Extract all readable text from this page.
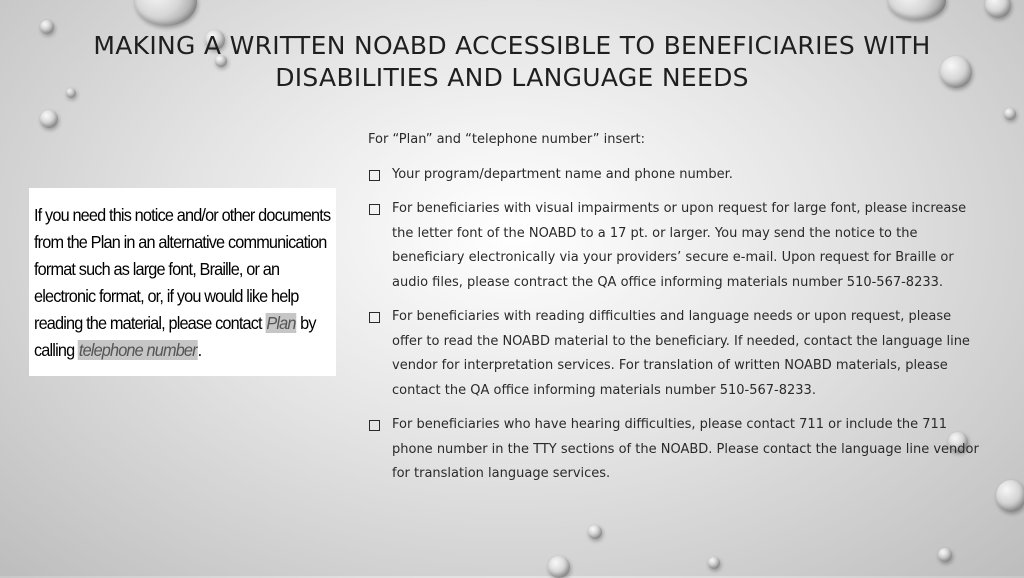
MAKING A WRITTEN NOABD ACCESSIBLE TO BENEFICIARIES WITH DISABILITIES AND LANGUAGE NEEDS

If you need this notice and/or other documents from the Plan in an alternative communication format such as large font, Braille, or an electronic format, or, if you would like help reading the material, please contact Plan by calling telephone number.

For “Plan” and “telephone number” insert:

Your program/department name and phone number.
For beneficiaries with visual impairments or upon request for large font, please increase the letter font of the NOABD to a 17 pt. or larger. You may send the notice to the beneficiary electronically via your providers’ secure e-mail. Upon request for Braille or audio files, please contract the QA office informing materials number 510-567-8233.
For beneficiaries with reading difficulties and language needs or upon request, please offer to read the NOABD material to the beneficiary. If needed, contact the language line vendor for interpretation services. For translation of written NOABD materials, please contact the QA office informing materials number 510-567-8233.
For beneficiaries who have hearing difficulties, please contact 711 or include the 711 phone number in the TTY sections of the NOABD. Please contact the language line vendor for translation language services.
